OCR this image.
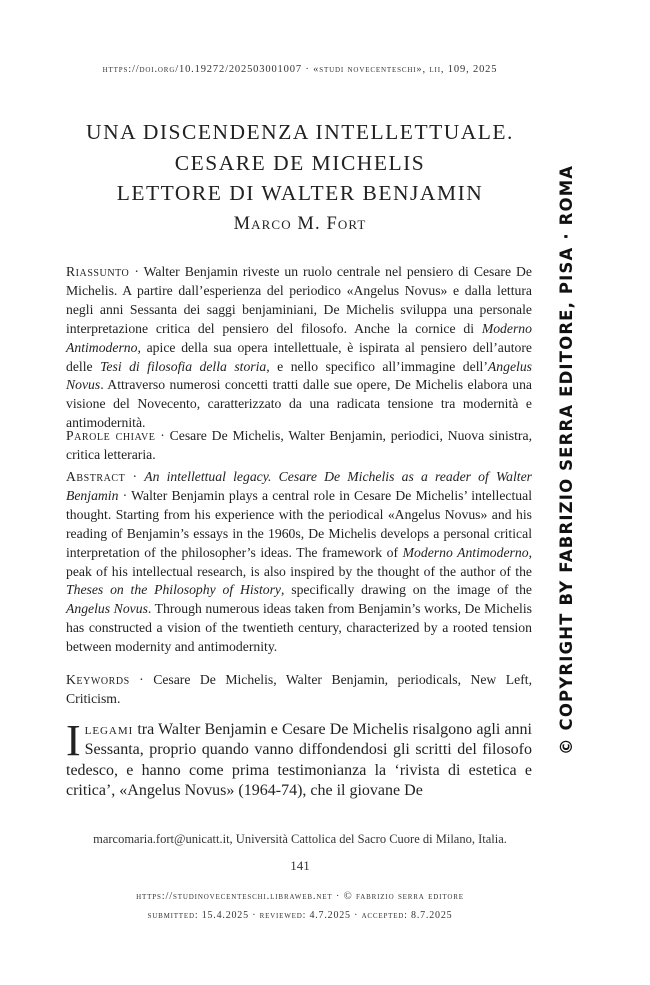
https://doi.org/10.19272/202503001007 · «studi novecenteschi», lii, 109, 2025
UNA DISCENDENZA INTELLETTUALE.
CESARE DE MICHELIS
LETTORE DI WALTER BENJAMIN
Marco M. Fort
Riassunto · Walter Benjamin riveste un ruolo centrale nel pensiero di Cesare De Michelis. A partire dall’esperienza del periodico «Angelus Novus» e dalla lettura negli anni Sessanta dei saggi benjaminiani, De Michelis sviluppa una personale interpretazione critica del pensiero del filosofo. Anche la cornice di Moderno Antimoderno, apice della sua opera intellettuale, è ispirata al pensiero dell’autore delle Tesi di filosofia della storia, e nello specifico all’immagine dell’Angelus Novus. Attraverso numerosi concetti tratti dalle sue opere, De Michelis elabora una visione del Novecento, caratterizzato da una radicata tensione tra modernità e antimodernità.
Parole chiave · Cesare De Michelis, Walter Benjamin, periodici, Nuova sinistra, critica letteraria.
Abstract · An intellettual legacy. Cesare De Michelis as a reader of Walter Benjamin · Walter Benjamin plays a central role in Cesare De Michelis’ intellectual thought. Starting from his experience with the periodical «Angelus Novus» and his reading of Benjamin’s essays in the 1960s, De Michelis develops a personal critical interpretation of the philosopher’s ideas. The framework of Moderno Antimoderno, peak of his intellectual research, is also inspired by the thought of the author of the Theses on the Philosophy of History, specifically drawing on the image of the Angelus Novus. Through numerous ideas taken from Benjamin’s works, De Michelis has constructed a vision of the twentieth century, characterized by a rooted tension between modernity and antimodernity.
Keywords · Cesare De Michelis, Walter Benjamin, periodicals, New Left, Criticism.
Ilegami tra Walter Benjamin e Cesare De Michelis risalgono agli anni Sessanta, proprio quando vanno diffondendosi gli scritti del filosofo tedesco, e hanno come prima testimonianza la ‘rivista di estetica e critica’, «Angelus Novus» (1964-74), che il giovane De
marcomaria.fort@unicatt.it, Università Cattolica del Sacro Cuore di Milano, Italia.
141
https://studinovecenteschi.libraweb.net · © fabrizio serra editore
submitted: 15.4.2025 · reviewed: 4.7.2025 · accepted: 8.7.2025
© COPYRIGHT BY FABRIZIO SERRA EDITORE, PISA · ROMA
